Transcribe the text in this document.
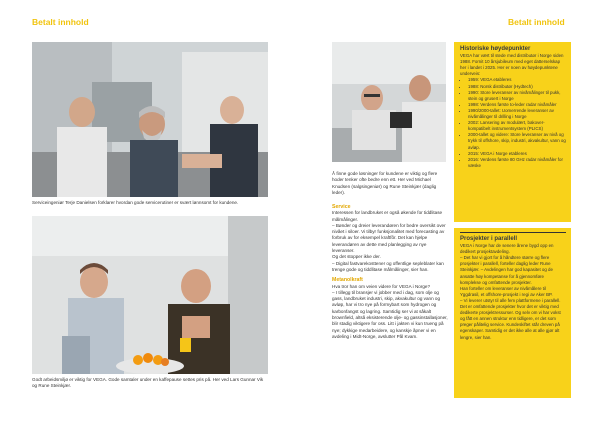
Betalt innhold	Betalt innhold
Serviceingeniør Terje Danielsen forklarer hvordan gode servicerutiner er svært lønnsomt for kundene.
Godt arbeidsmiljø er viktig for VEGA. Gode samtaler under en kaffepause settes pris på. Her ved Lars Gunnar Vik og Rune Steinkjær.
Å finne gode løsninger for kundene er viktig og flere hoder tenker ofte bedre enn ett. Her ved Michael Knudsen (salgsingeniør) og Rune Steinkjær (daglig leder).
Service

Interessen for landbruket er også økende for tiddlitase målmålinger.

– Bønder og dreier leverandøren for bedre oversikt over nivået i siloer. Vi tilbyr funksjonalitet med forecasting av forbruk av for eksempel kraftfôr. Det kan hjelpe leverandøren av dette med planlegging av nye leveranser.

Og det stopper ikke der.

– Digital fastvarekosttener og offentlige sepleblater kan trenge gode og tiddlitase målmålinger, sier han.

Metanolkraft

Hva tror han om veien videre for VEGA i Norge?

– I tillegg til bransjer vi jobber med i dag, som olje og gass, landbruket industri, skip, akvakultur og vann og avløp, har vi tro nye på formybart som hydrogen og karbonfangst og lagring. Samtidig ser vi at såkalt brownfield, altså eksisterende olje- og gassinstallasjoner, blir stadig viktigere for oss. Litt i jakten vi kun trueng på nye; dykkige medarbeidere, og kanskje åpner vi en avdeling i Midt-Norge, avslutter Pål Kvam.

Historiske høydepunkter

VEGA har vært til stede med distributør i Norge siden 1988. Fornit 10 årsjubileum med eget datterselskap her i landet i 2025. Her er noen av høydepunktene underveis:

• 1959: VEGA etableres
• 1988: Norsk distributør (Hydtech)
• 1990: Store leveranser av nivåmålinger til pukk, stein og grusert i Norge
• 1998: Verdens første to-leder radar nivåmåler
• 1990/2000-tallet: Uomerrende leveranser av nivåmålinger til drilling i Norge
• 2002: Lansering av modulært, bakover-kompatibelt instrumentsystem (PLICS)
• 2000-tallet og videre: Store leveranser av nivå og trykk til offshore, skip, industri, akvakultur, vann og avløp.
• 2015: VEGA i Norge etableres
• 2016: Verdens første 80 GHz radar nivåmåler for væske
Prosjekter i parallell

VEGA i Norge har de senere årene bygd opp en dedikert prosjektavdeling.

– Det har vi gjort for å håndtere større og flere prosjekter i parallell, forteller daglig leder Rune Steinkjær. – Avdelingen har god kapasitet og de ansatte høy kompetanse for å gjennomføre komplekse og omfattende prosjekter.

Han forteller om leveranser av nivåmålere til Yggdrasil, et offshore-prosjekt i regi av Aker BP.

– Vi leverer utstyr til alle fem plattformene i parallell. Det er omfattende prosjekter hvor det er viktig med dedikerte prosjektressurser. Og selv om vi har vokst og fått en annen struktur enn tidligere, er det som preger pålitelig service. Kundeskiftet står dreven på egenskaper. Samtidig er det ikke alle at alle gjør alt lengre, sier han.
